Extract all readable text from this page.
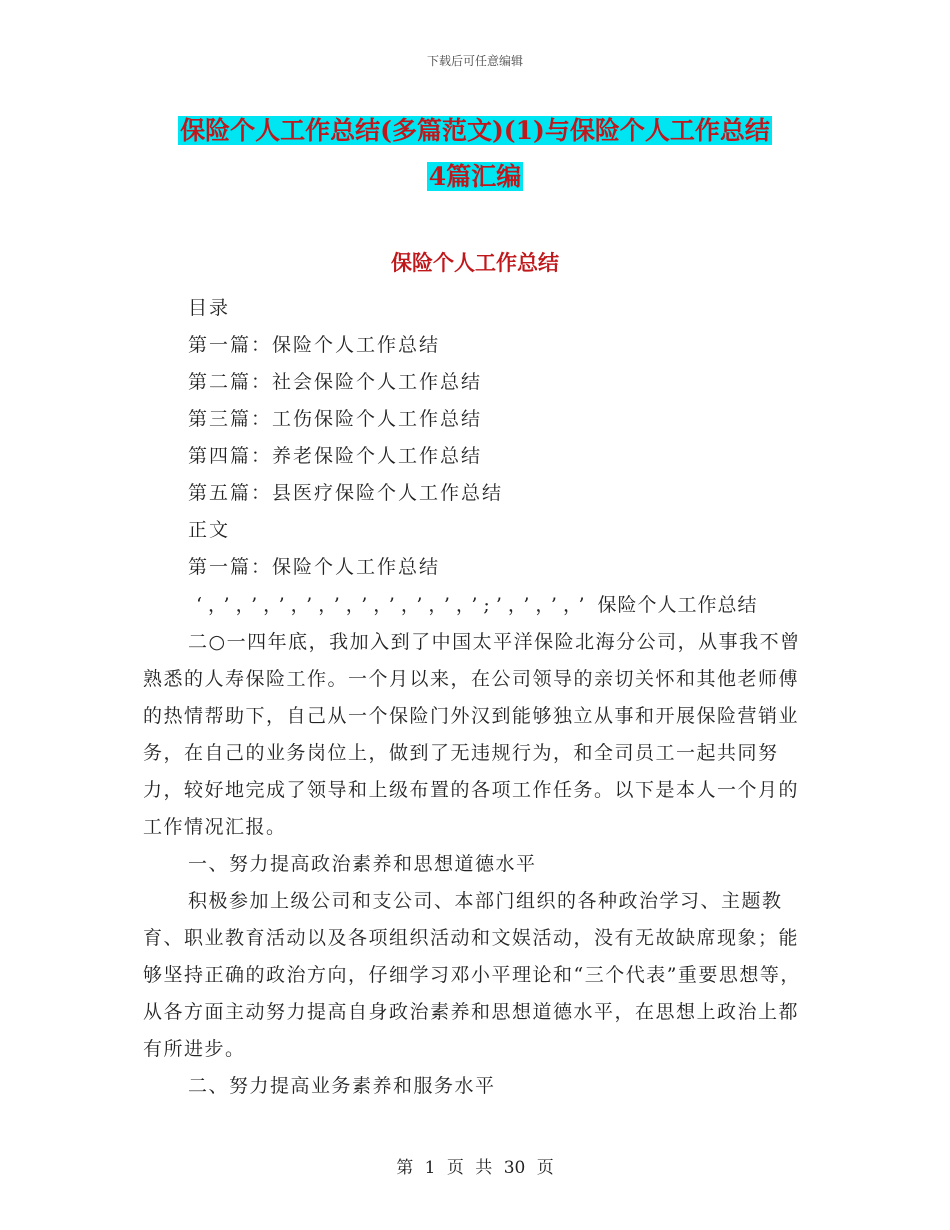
下载后可任意编辑
保险个人工作总结(多篇范文)(1)与保险个人工作总结
4篇汇编
保险个人工作总结
目录
第一篇：保险个人工作总结
第二篇：社会保险个人工作总结
第三篇：工伤保险个人工作总结
第四篇：养老保险个人工作总结
第五篇：县医疗保险个人工作总结
正文
第一篇：保险个人工作总结
‘，’，’，’，’，’，’，’，’，’，’;’，’，’，’ 保险个人工作总结

二○一四年底，我加入到了中国太平洋保险北海分公司，从事我不曾熟悉的人寿保险工作。一个月以来，在公司领导的亲切关怀和其他老师傅的热情帮助下，自己从一个保险门外汉到能够独立从事和开展保险营销业务，在自己的业务岗位上，做到了无违规行为，和全司员工一起共同努力，较好地完成了领导和上级布置的各项工作任务。以下是本人一个月的工作情况汇报。

一、努力提高政治素养和思想道德水平

积极参加上级公司和支公司、本部门组织的各种政治学习、主题教育、职业教育活动以及各项组织活动和文娱活动，没有无故缺席现象；能够坚持正确的政治方向，仔细学习邓小平理论和“三个代表”重要思想等，从各方面主动努力提高自身政治素养和思想道德水平，在思想上政治上都有所进步。

二、努力提高业务素养和服务水平

第 1 页 共 30 页
